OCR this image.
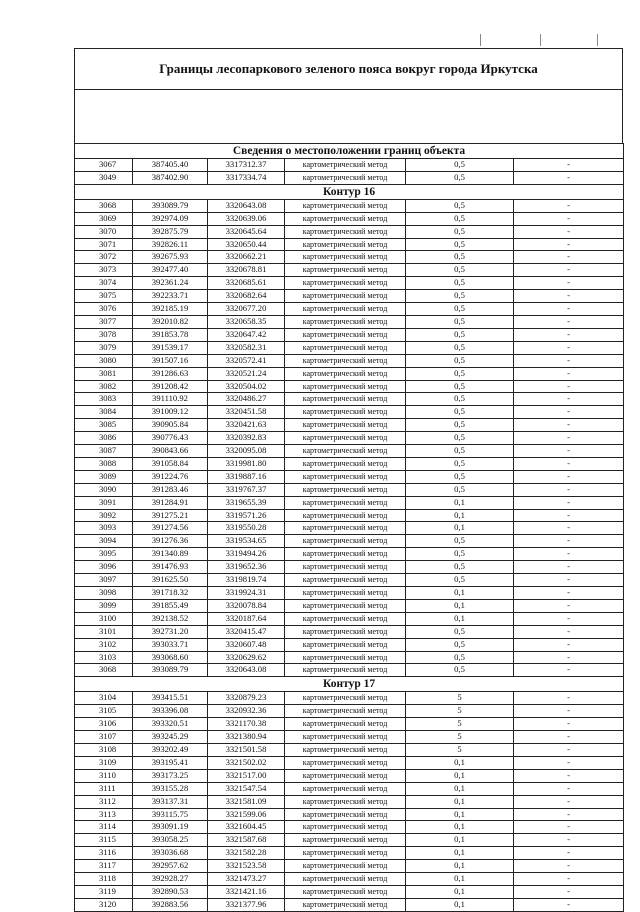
Границы лесопаркового зеленого пояса вокруг города Иркутска
Сведения о местоположении границ объекта					
3067	387405.40	3317312.37	картометрический метод	0,5	-
3049	387402.90	3317334.74	картометрический метод	0,5	-
Контур 16					
3068	393089.79	3320643.08	картометрический метод	0,5	-
3069	392974.09	3320639.06	картометрический метод	0,5	-
3070	392875.79	3320645.64	картометрический метод	0,5	-
3071	392826.11	3320650.44	картометрический метод	0,5	-
3072	392675.93	3320662.21	картометрический метод	0,5	-
3073	392477.40	3320678.81	картометрический метод	0,5	-
3074	392361.24	3320685.61	картометрический метод	0,5	-
3075	392233.71	3320682.64	картометрический метод	0,5	-
3076	392185.19	3320677.20	картометрический метод	0,5	-
3077	392010.82	3320658.35	картометрический метод	0,5	-
3078	391853.78	3320647.42	картометрический метод	0,5	-
3079	391539.17	3320582.31	картометрический метод	0,5	-
3080	391507.16	3320572.41	картометрический метод	0,5	-
3081	391286.63	3320521.24	картометрический метод	0,5	-
3082	391208.42	3320504.02	картометрический метод	0,5	-
3083	391110.92	3320486.27	картометрический метод	0,5	-
3084	391009.12	3320451.58	картометрический метод	0,5	-
3085	390905.84	3320421.63	картометрический метод	0,5	-
3086	390776.43	3320392.83	картометрический метод	0,5	-
3087	390843.66	3320095.08	картометрический метод	0,5	-
3088	391058.84	3319981.80	картометрический метод	0,5	-
3089	391224.76	3319887.16	картометрический метод	0,5	-
3090	391283.46	3319767.37	картометрический метод	0,5	-
3091	391284.91	3319655.39	картометрический метод	0,1	-
3092	391275.21	3319571.26	картометрический метод	0,1	-
3093	391274.56	3319550.28	картометрический метод	0,1	-
3094	391276.36	3319534.65	картометрический метод	0,5	-
3095	391340.89	3319494.26	картометрический метод	0,5	-
3096	391476.93	3319652.36	картометрический метод	0,5	-
3097	391625.50	3319819.74	картометрический метод	0,5	-
3098	391718.32	3319924.31	картометрический метод	0,1	-
3099	391855.49	3320078.84	картометрический метод	0,1	-
3100	392138.52	3320187.64	картометрический метод	0,1	-
3101	392731.20	3320415.47	картометрический метод	0,5	-
3102	393033.71	3320607.48	картометрический метод	0,5	-
3103	393068.60	3320629.62	картометрический метод	0,5	-
3068	393089.79	3320643.08	картометрический метод	0,5	-
Контур 17					
3104	393415.51	3320879.23	картометрический метод	5	-
3105	393396.08	3320932.36	картометрический метод	5	-
3106	393320.51	3321170.38	картометрический метод	5	-
3107	393245.29	3321380.94	картометрический метод	5	-
3108	393202.49	3321501.58	картометрический метод	5	-
3109	393195.41	3321502.02	картометрический метод	0,1	-
3110	393173.25	3321517.00	картометрический метод	0,1	-
3111	393155.28	3321547.54	картометрический метод	0,1	-
3112	393137.31	3321581.09	картометрический метод	0,1	-
3113	393115.75	3321599.06	картометрический метод	0,1	-
3114	393091.19	3321604.45	картометрический метод	0,1	-
3115	393058.25	3321587.68	картометрический метод	0,1	-
3116	393036.68	3321582.28	картометрический метод	0,1	-
3117	392957.62	3321523.58	картометрический метод	0,1	-
3118	392928.27	3321473.27	картометрический метод	0,1	-
3119	392890.53	3321421.16	картометрический метод	0,1	-
3120	392883.56	3321377.96	картометрический метод	0,1	-
